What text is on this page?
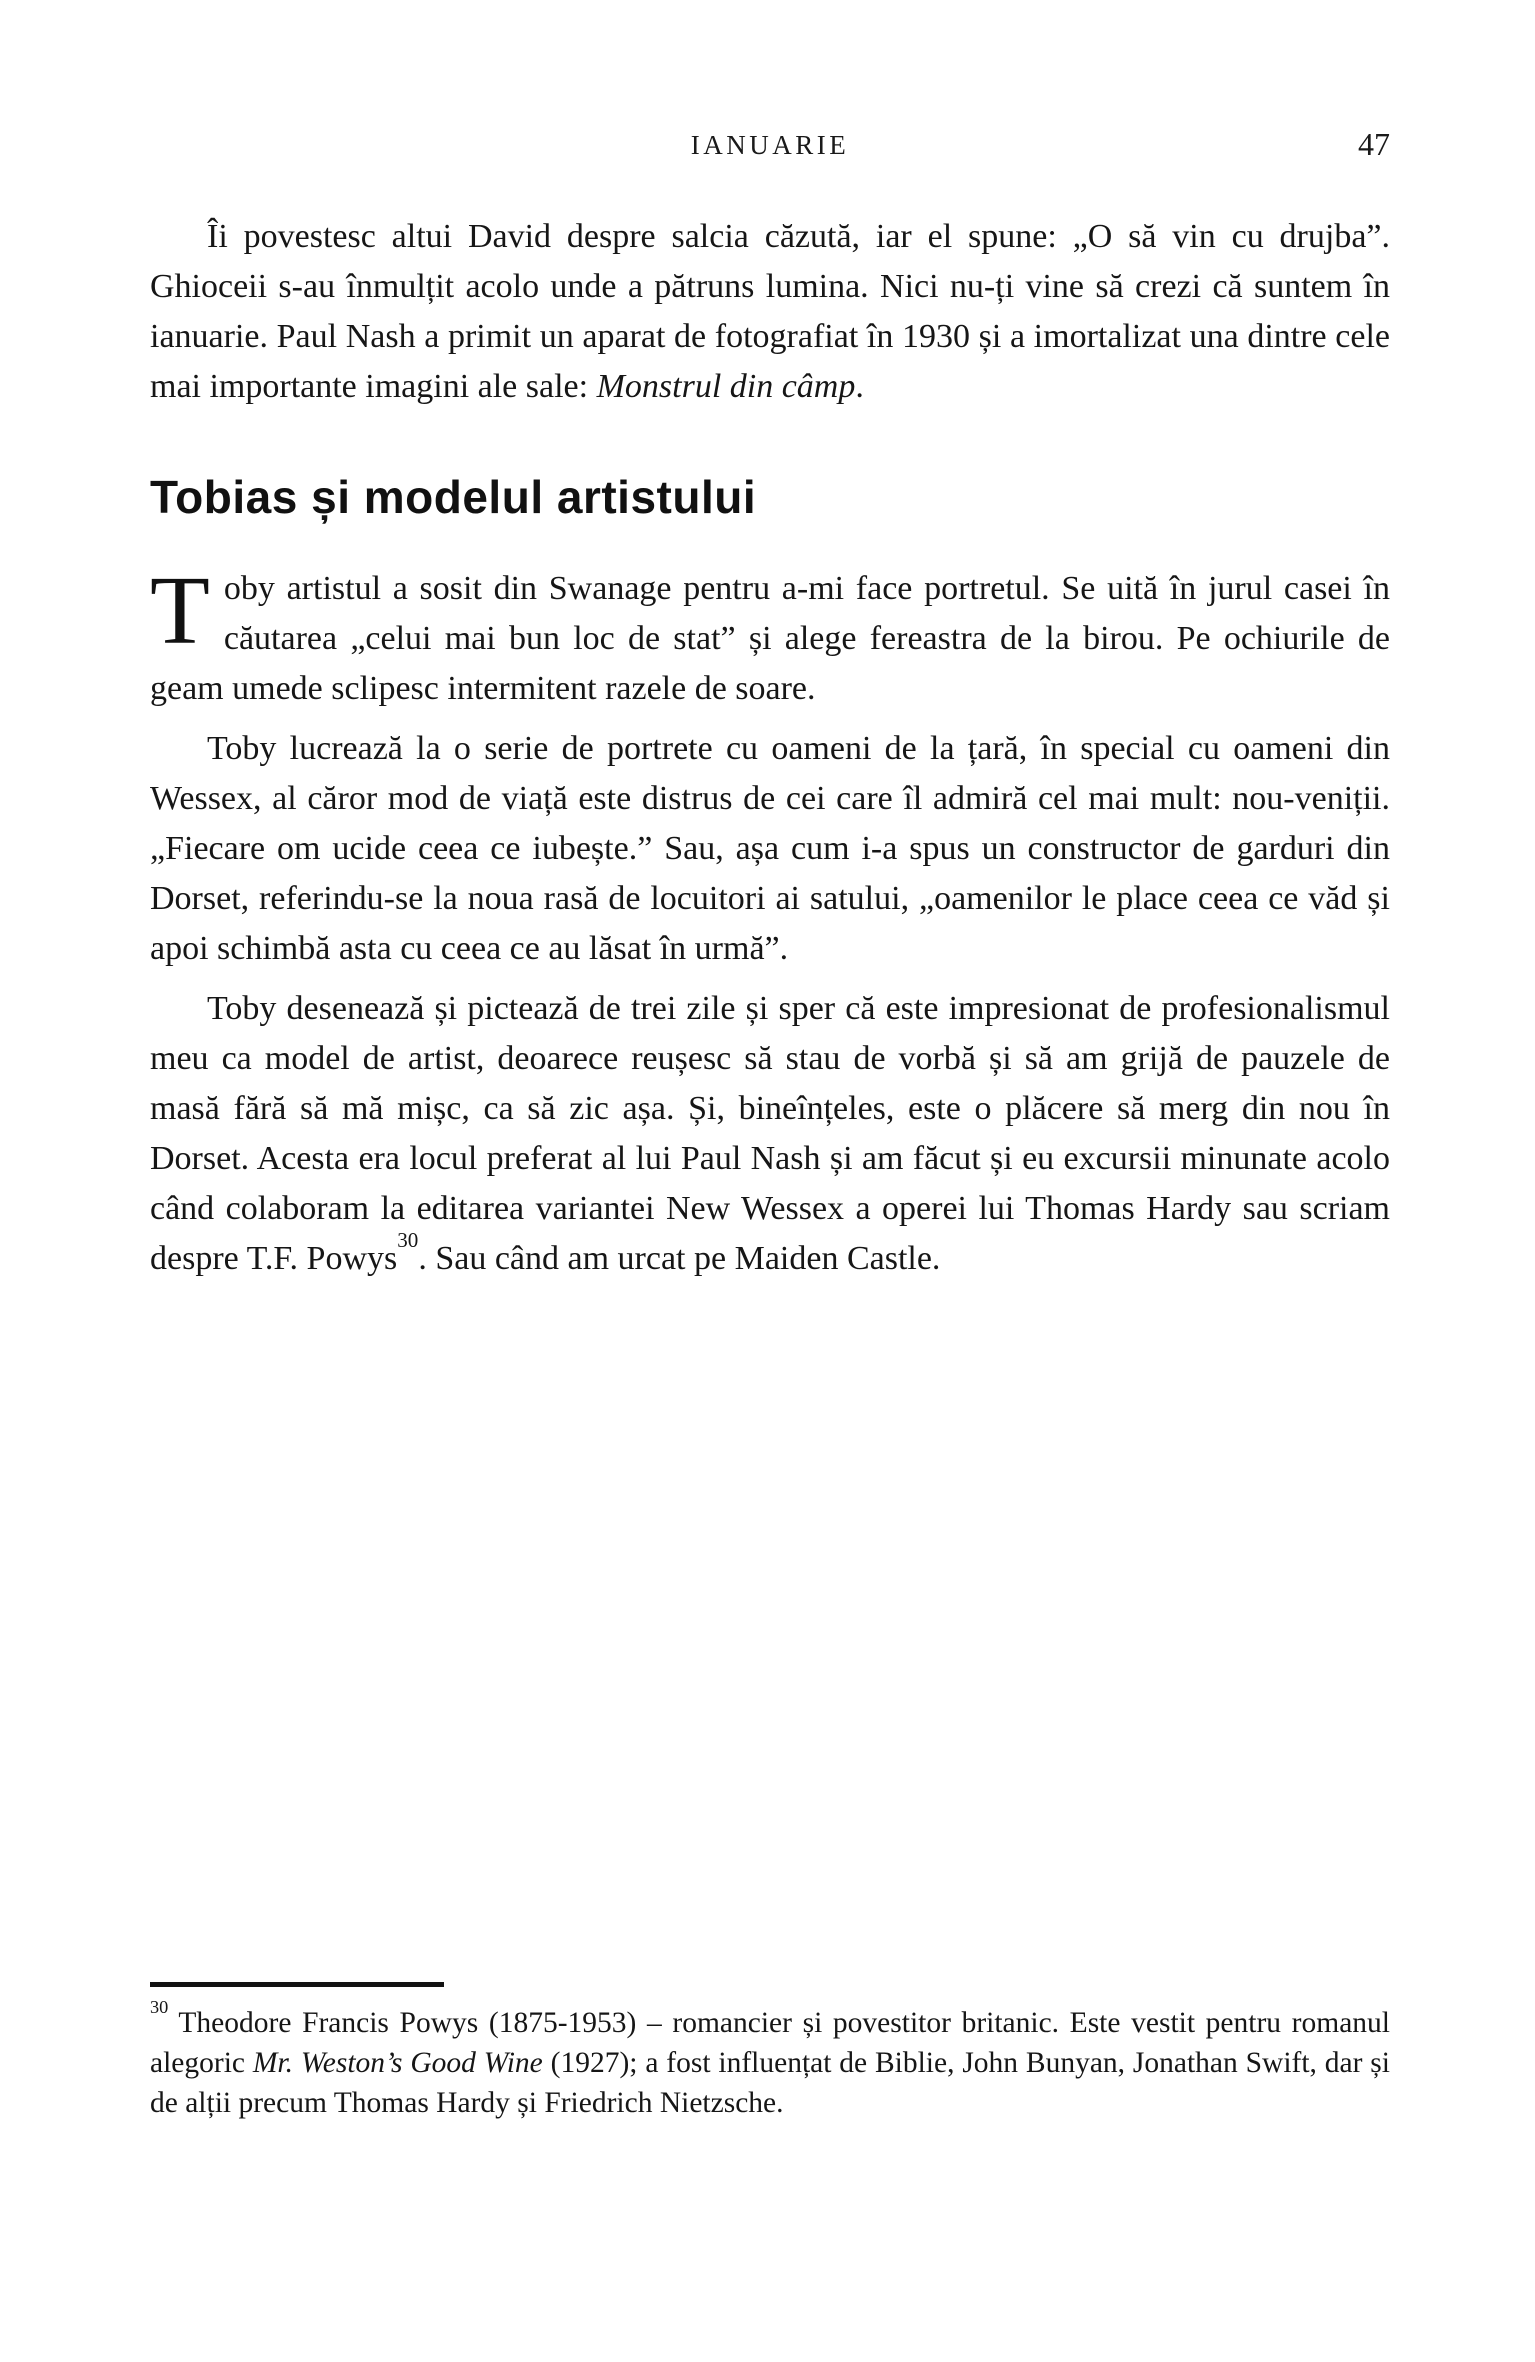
IANUARIE	47

Îi povestesc altui David despre salcia căzută, iar el spune: „O să vin cu drujba”. Ghioceii s-au înmulțit acolo unde a pătruns lumina. Nici nu-ți vine să crezi că suntem în ianuarie. Paul Nash a primit un aparat de fotografiat în 1930 și a imortalizat una dintre cele mai importante imagini ale sale: Monstrul din câmp.

Tobias și modelul artistului

Toby artistul a sosit din Swanage pentru a-mi face portretul. Se uită în jurul casei în căutarea „celui mai bun loc de stat” și alege fereastra de la birou. Pe ochiurile de geam umede sclipesc intermitent razele de soare.

Toby lucrează la o serie de portrete cu oameni de la țară, în special cu oameni din Wessex, al căror mod de viață este distrus de cei care îl admiră cel mai mult: nou-veniții. „Fiecare om ucide ceea ce iubește.” Sau, așa cum i-a spus un constructor de garduri din Dorset, referindu-se la noua rasă de locuitori ai satului, „oamenilor le place ceea ce văd și apoi schimbă asta cu ceea ce au lăsat în urmă”.

Toby desenează și pictează de trei zile și sper că este impresionat de profesionalismul meu ca model de artist, deoarece reușesc să stau de vorbă și să am grijă de pauzele de masă fără să mă mișc, ca să zic așa. Și, bineînțeles, este o plăcere să merg din nou în Dorset. Acesta era locul preferat al lui Paul Nash și am făcut și eu excursii minunate acolo când colaboram la editarea variantei New Wessex a operei lui Thomas Hardy sau scriam despre T.F. Powys$^{30}$. Sau când am urcat pe Maiden Castle.

$^{30}$ Theodore Francis Powys (1875-1953) – romancier și povestitor britanic. Este vestit pentru romanul alegoric Mr. Weston’s Good Wine (1927); a fost influențat de Biblie, John Bunyan, Jonathan Swift, dar și de alții precum Thomas Hardy și Friedrich Nietzsche.
